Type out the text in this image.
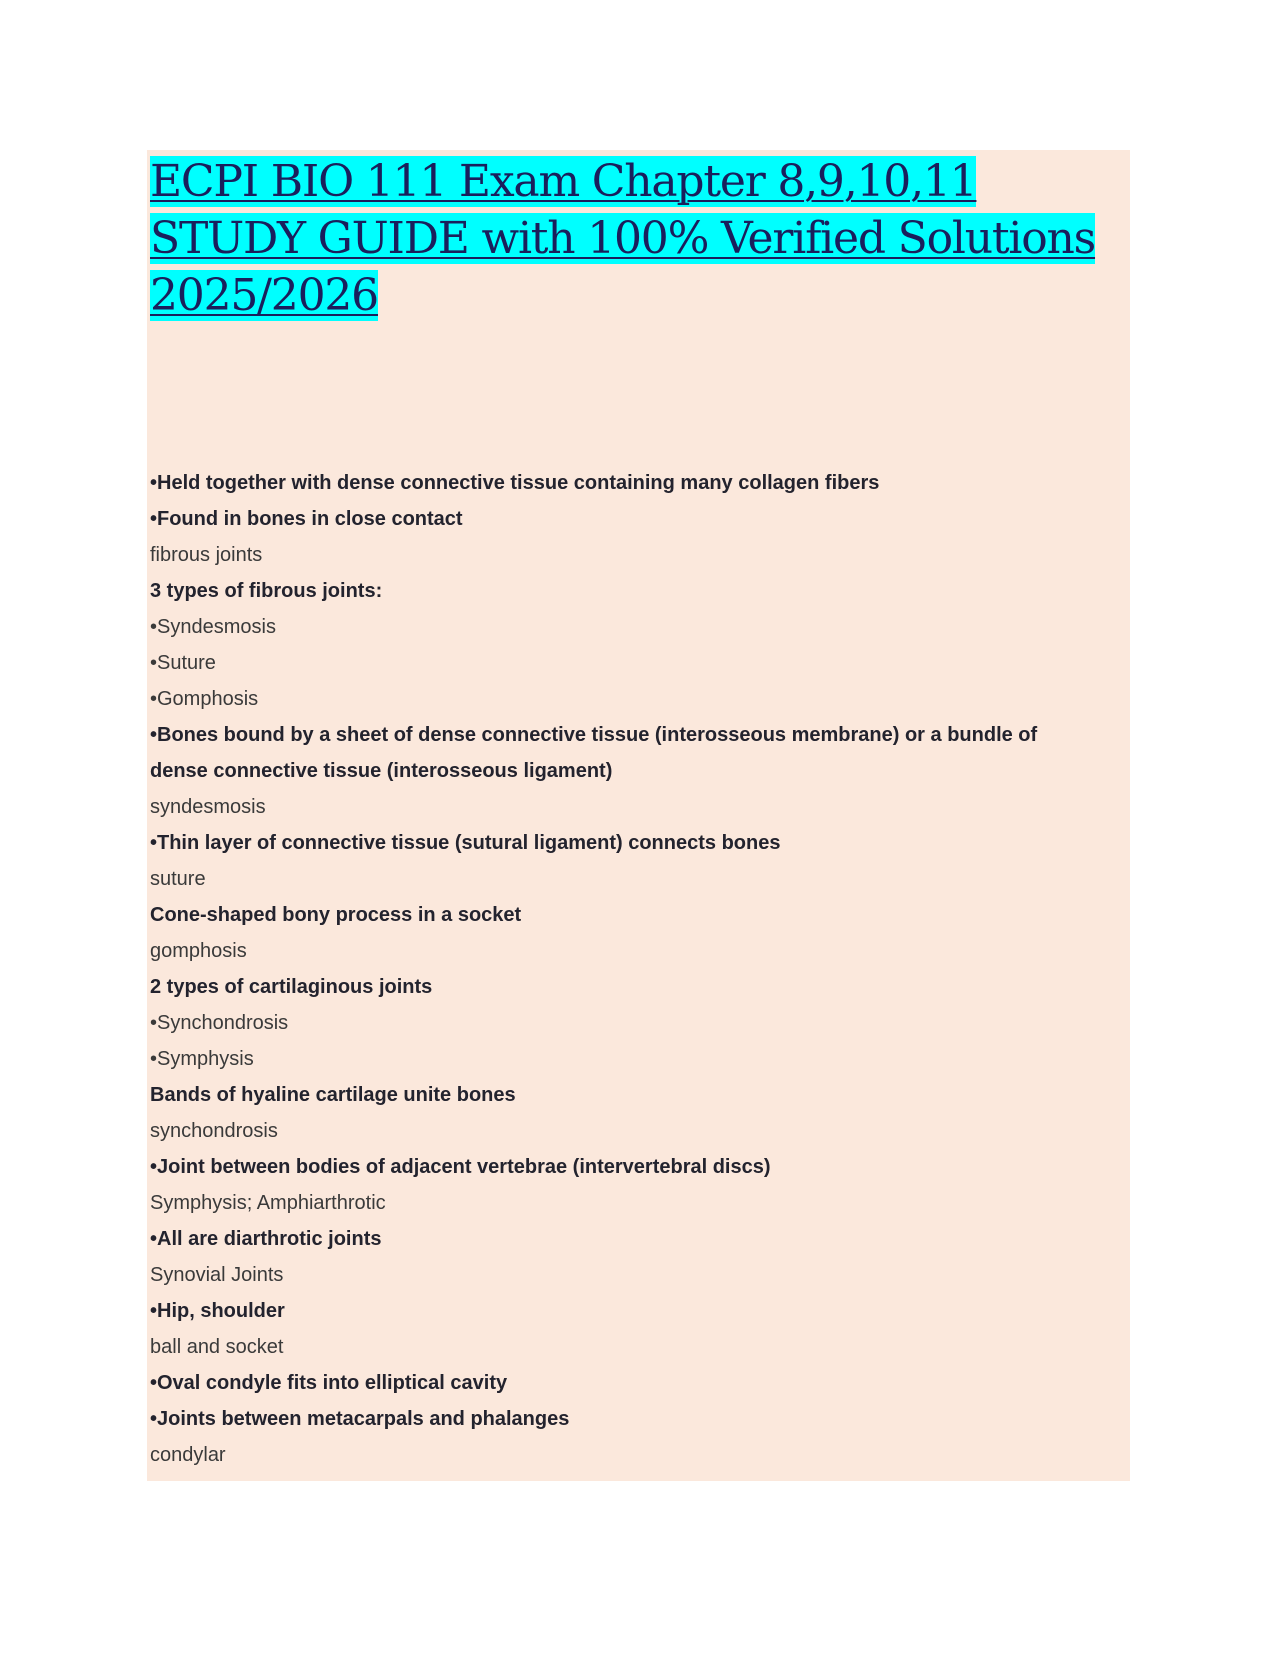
ECPI BIO 111 Exam Chapter 8,9,10,11 STUDY GUIDE with 100% Verified Solutions 2025/2026
•Held together with dense connective tissue containing many collagen fibers
•Found in bones in close contact
fibrous joints
3 types of fibrous joints:
•Syndesmosis
•Suture
•Gomphosis
•Bones bound by a sheet of dense connective tissue (interosseous membrane) or a bundle of
dense connective tissue (interosseous ligament)
syndesmosis
•Thin layer of connective tissue (sutural ligament) connects bones
suture
Cone-shaped bony process in a socket
gomphosis
2 types of cartilaginous joints
•Synchondrosis
•Symphysis
Bands of hyaline cartilage unite bones
synchondrosis
•Joint between bodies of adjacent vertebrae (intervertebral discs)
Symphysis; Amphiarthrotic
•All are diarthrotic joints
Synovial Joints
•Hip, shoulder
ball and socket
•Oval condyle fits into elliptical cavity
•Joints between metacarpals and phalanges
condylar
